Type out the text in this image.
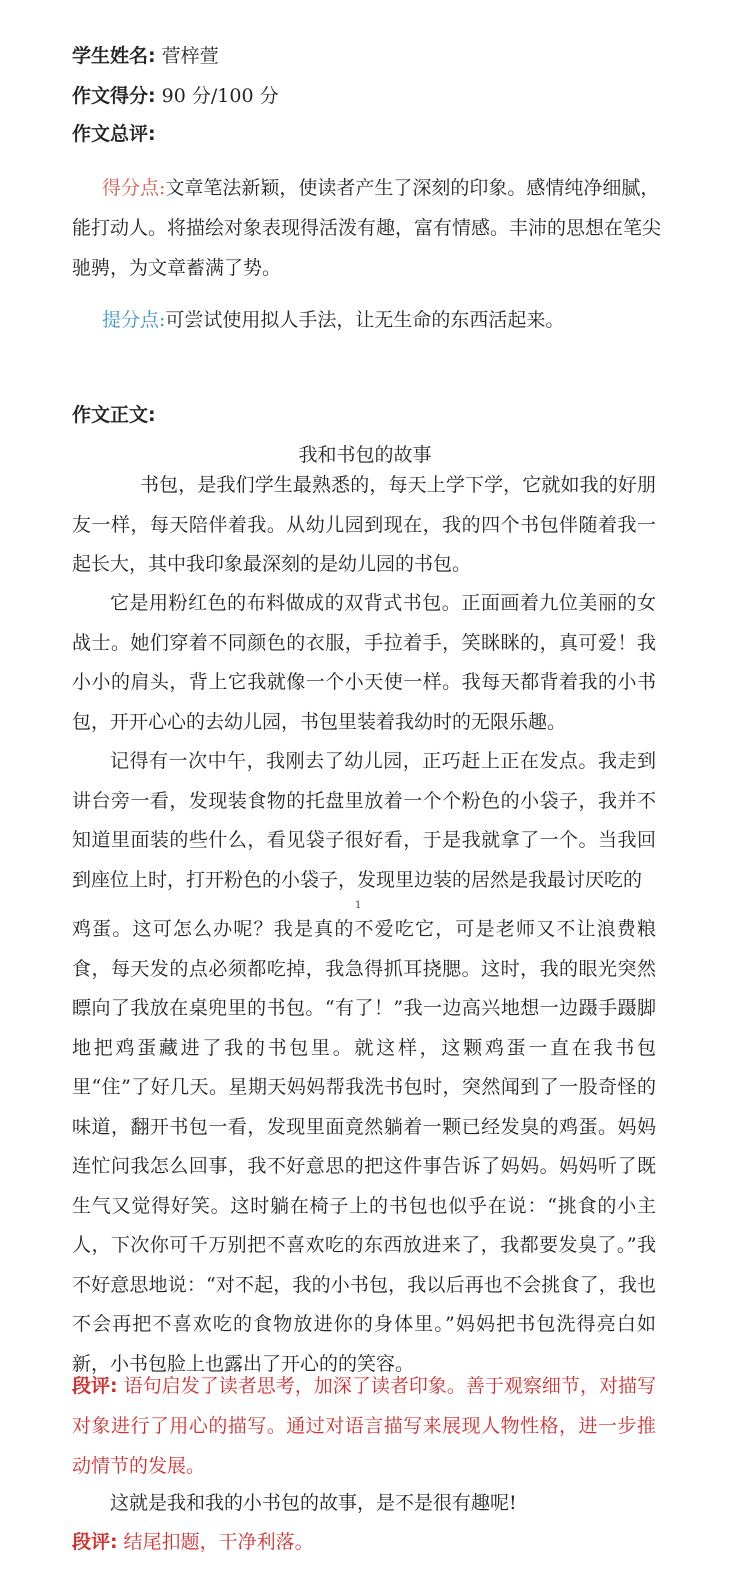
学生姓名: 菅梓萱
作文得分: 90 分/100 分
作文总评:
得分点:文章笔法新颖，使读者产生了深刻的印象。感情纯净细腻，能打动人。将描绘对象表现得活泼有趣，富有情感。丰沛的思想在笔尖驰骋，为文章蓄满了势。
提分点:可尝试使用拟人手法，让无生命的东西活起来。
作文正文:
我和书包的故事

书包，是我们学生最熟悉的，每天上学下学，它就如我的好朋友一样，每天陪伴着我。从幼儿园到现在，我的四个书包伴随着我一起长大，其中我印象最深刻的是幼儿园的书包。

它是用粉红色的布料做成的双背式书包。正面画着九位美丽的女战士。她们穿着不同颜色的衣服，手拉着手，笑眯眯的，真可爱！我小小的肩头，背上它我就像一个小天使一样。我每天都背着我的小书包，开开心心的去幼儿园，书包里装着我幼时的无限乐趣。

记得有一次中午，我刚去了幼儿园，正巧赶上正在发点。我走到讲台旁一看，发现装食物的托盘里放着一个个粉色的小袋子，我并不知道里面装的些什么，看见袋子很好看，于是我就拿了一个。当我回到座位上时，打开粉色的小袋子，发现里边装的居然是我最讨厌吃的

1

鸡蛋。这可怎么办呢？我是真的不爱吃它，可是老师又不让浪费粮食，每天发的点必须都吃掉，我急得抓耳挠腮。这时，我的眼光突然瞟向了我放在桌兜里的书包。“有了！”我一边高兴地想一边蹑手蹑脚地把鸡蛋藏进了我的书包里。就这样，这颗鸡蛋一直在我书包里“住”了好几天。星期天妈妈帮我洗书包时，突然闻到了一股奇怪的味道，翻开书包一看，发现里面竟然躺着一颗已经发臭的鸡蛋。妈妈连忙问我怎么回事，我不好意思的把这件事告诉了妈妈。妈妈听了既生气又觉得好笑。这时躺在椅子上的书包也似乎在说：“挑食的小主人，下次你可千万别把不喜欢吃的东西放进来了，我都要发臭了。”我不好意思地说：“对不起，我的小书包，我以后再也不会挑食了，我也不会再把不喜欢吃的食物放进你的身体里。”妈妈把书包洗得亮白如新，小书包脸上也露出了开心的的笑容。

段评: 语句启发了读者思考，加深了读者印象。善于观察细节，对描写对象进行了用心的描写。通过对语言描写来展现人物性格，进一步推动情节的发展。

这就是我和我的小书包的故事，是不是很有趣呢!

段评: 结尾扣题，干净利落。
